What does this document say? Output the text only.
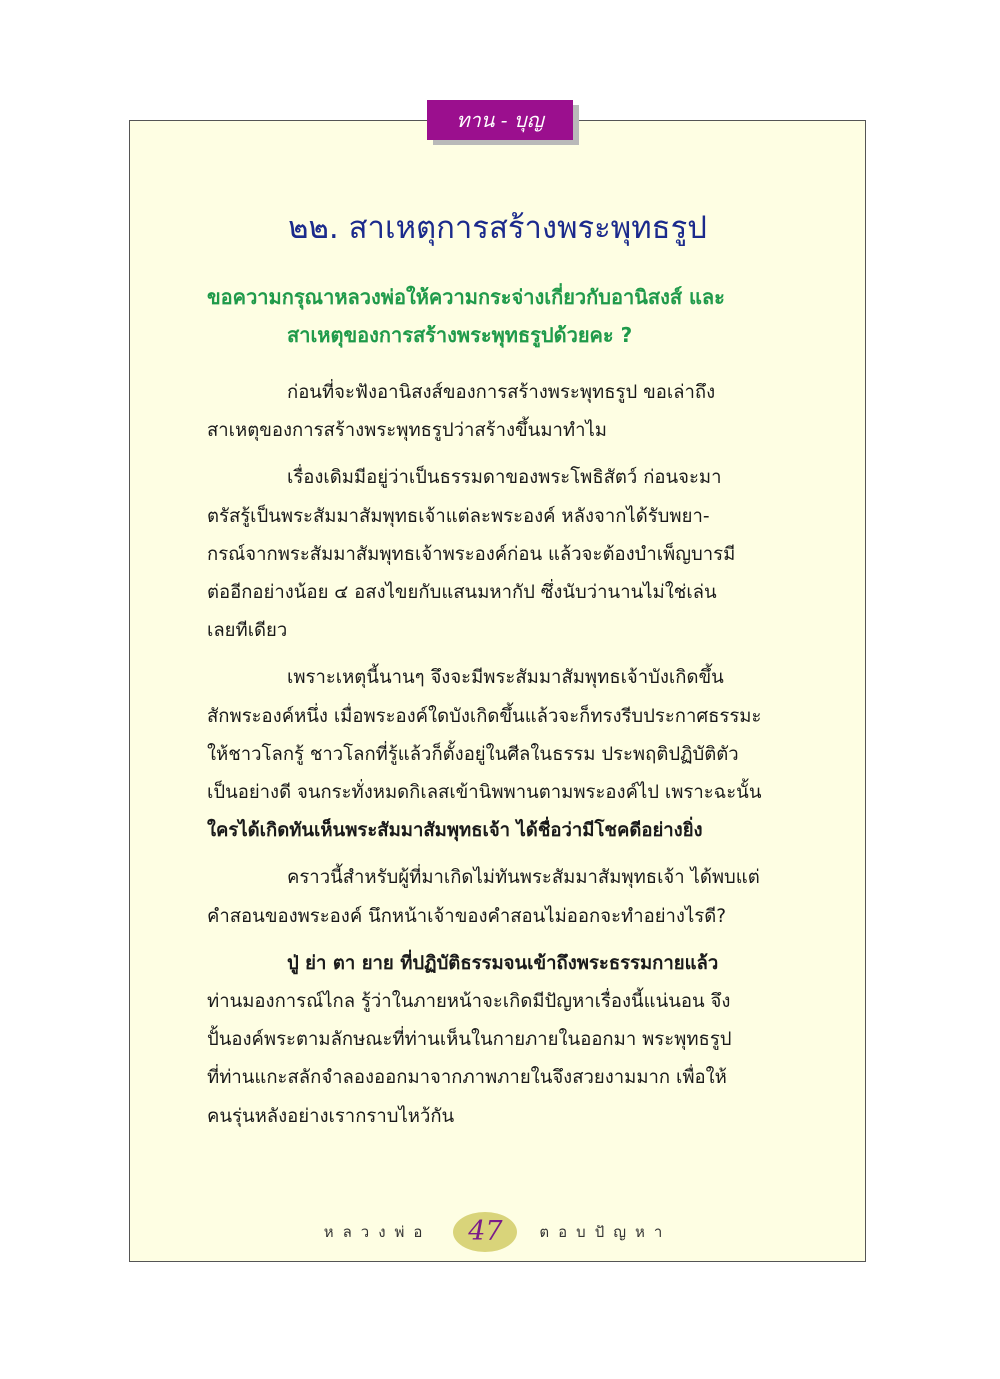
ทาน - บุญ
๒๒. สาเหตุการสร้างพระพุทธรูป
ขอความกรุณาหลวงพ่อให้ความกระจ่างเกี่ยวกับอานิสงส์ และ
สาเหตุของการสร้างพระพุทธรูปด้วยคะ ?
ก่อนที่จะฟังอานิสงส์ของการสร้างพระพุทธรูป ขอเล่าถึง
สาเหตุของการสร้างพระพุทธรูปว่าสร้างขึ้นมาทำไม
เรื่องเดิมมีอยู่ว่าเป็นธรรมดาของพระโพธิสัตว์ ก่อนจะมา
ตรัสรู้เป็นพระสัมมาสัมพุทธเจ้าแต่ละพระองค์ หลังจากได้รับพยา-
กรณ์จากพระสัมมาสัมพุทธเจ้าพระองค์ก่อน แล้วจะต้องบำเพ็ญบารมี
ต่ออีกอย่างน้อย ๔ อสงไขยกับแสนมหากัป ซึ่งนับว่านานไม่ใช่เล่น
เลยทีเดียว
เพราะเหตุนี้นานๆ จึงจะมีพระสัมมาสัมพุทธเจ้าบังเกิดขึ้น
สักพระองค์หนึ่ง เมื่อพระองค์ใดบังเกิดขึ้นแล้วจะก็ทรงรีบประกาศธรรมะ
ให้ชาวโลกรู้ ชาวโลกที่รู้แล้วก็ตั้งอยู่ในศีลในธรรม ประพฤติปฏิบัติตัว
เป็นอย่างดี จนกระทั่งหมดกิเลสเข้านิพพานตามพระองค์ไป เพราะฉะนั้น
ใครได้เกิดทันเห็นพระสัมมาสัมพุทธเจ้า ได้ชื่อว่ามีโชคดีอย่างยิ่ง
คราวนี้สำหรับผู้ที่มาเกิดไม่ทันพระสัมมาสัมพุทธเจ้า ได้พบแต่
คำสอนของพระองค์ นึกหน้าเจ้าของคำสอนไม่ออกจะทำอย่างไรดี?
ปู่ ย่า ตา ยาย ที่ปฏิบัติธรรมจนเข้าถึงพระธรรมกายแล้ว
ท่านมองการณ์ไกล รู้ว่าในภายหน้าจะเกิดมีปัญหาเรื่องนี้แน่นอน จึง
ปั้นองค์พระตามลักษณะที่ท่านเห็นในกายภายในออกมา พระพุทธรูป
ที่ท่านแกะสลักจำลองออกมาจากภาพภายในจึงสวยงามมาก เพื่อให้
คนรุ่นหลังอย่างเรากราบไหว้กัน
หลวงพ่อ	47	ตอบปัญหา
